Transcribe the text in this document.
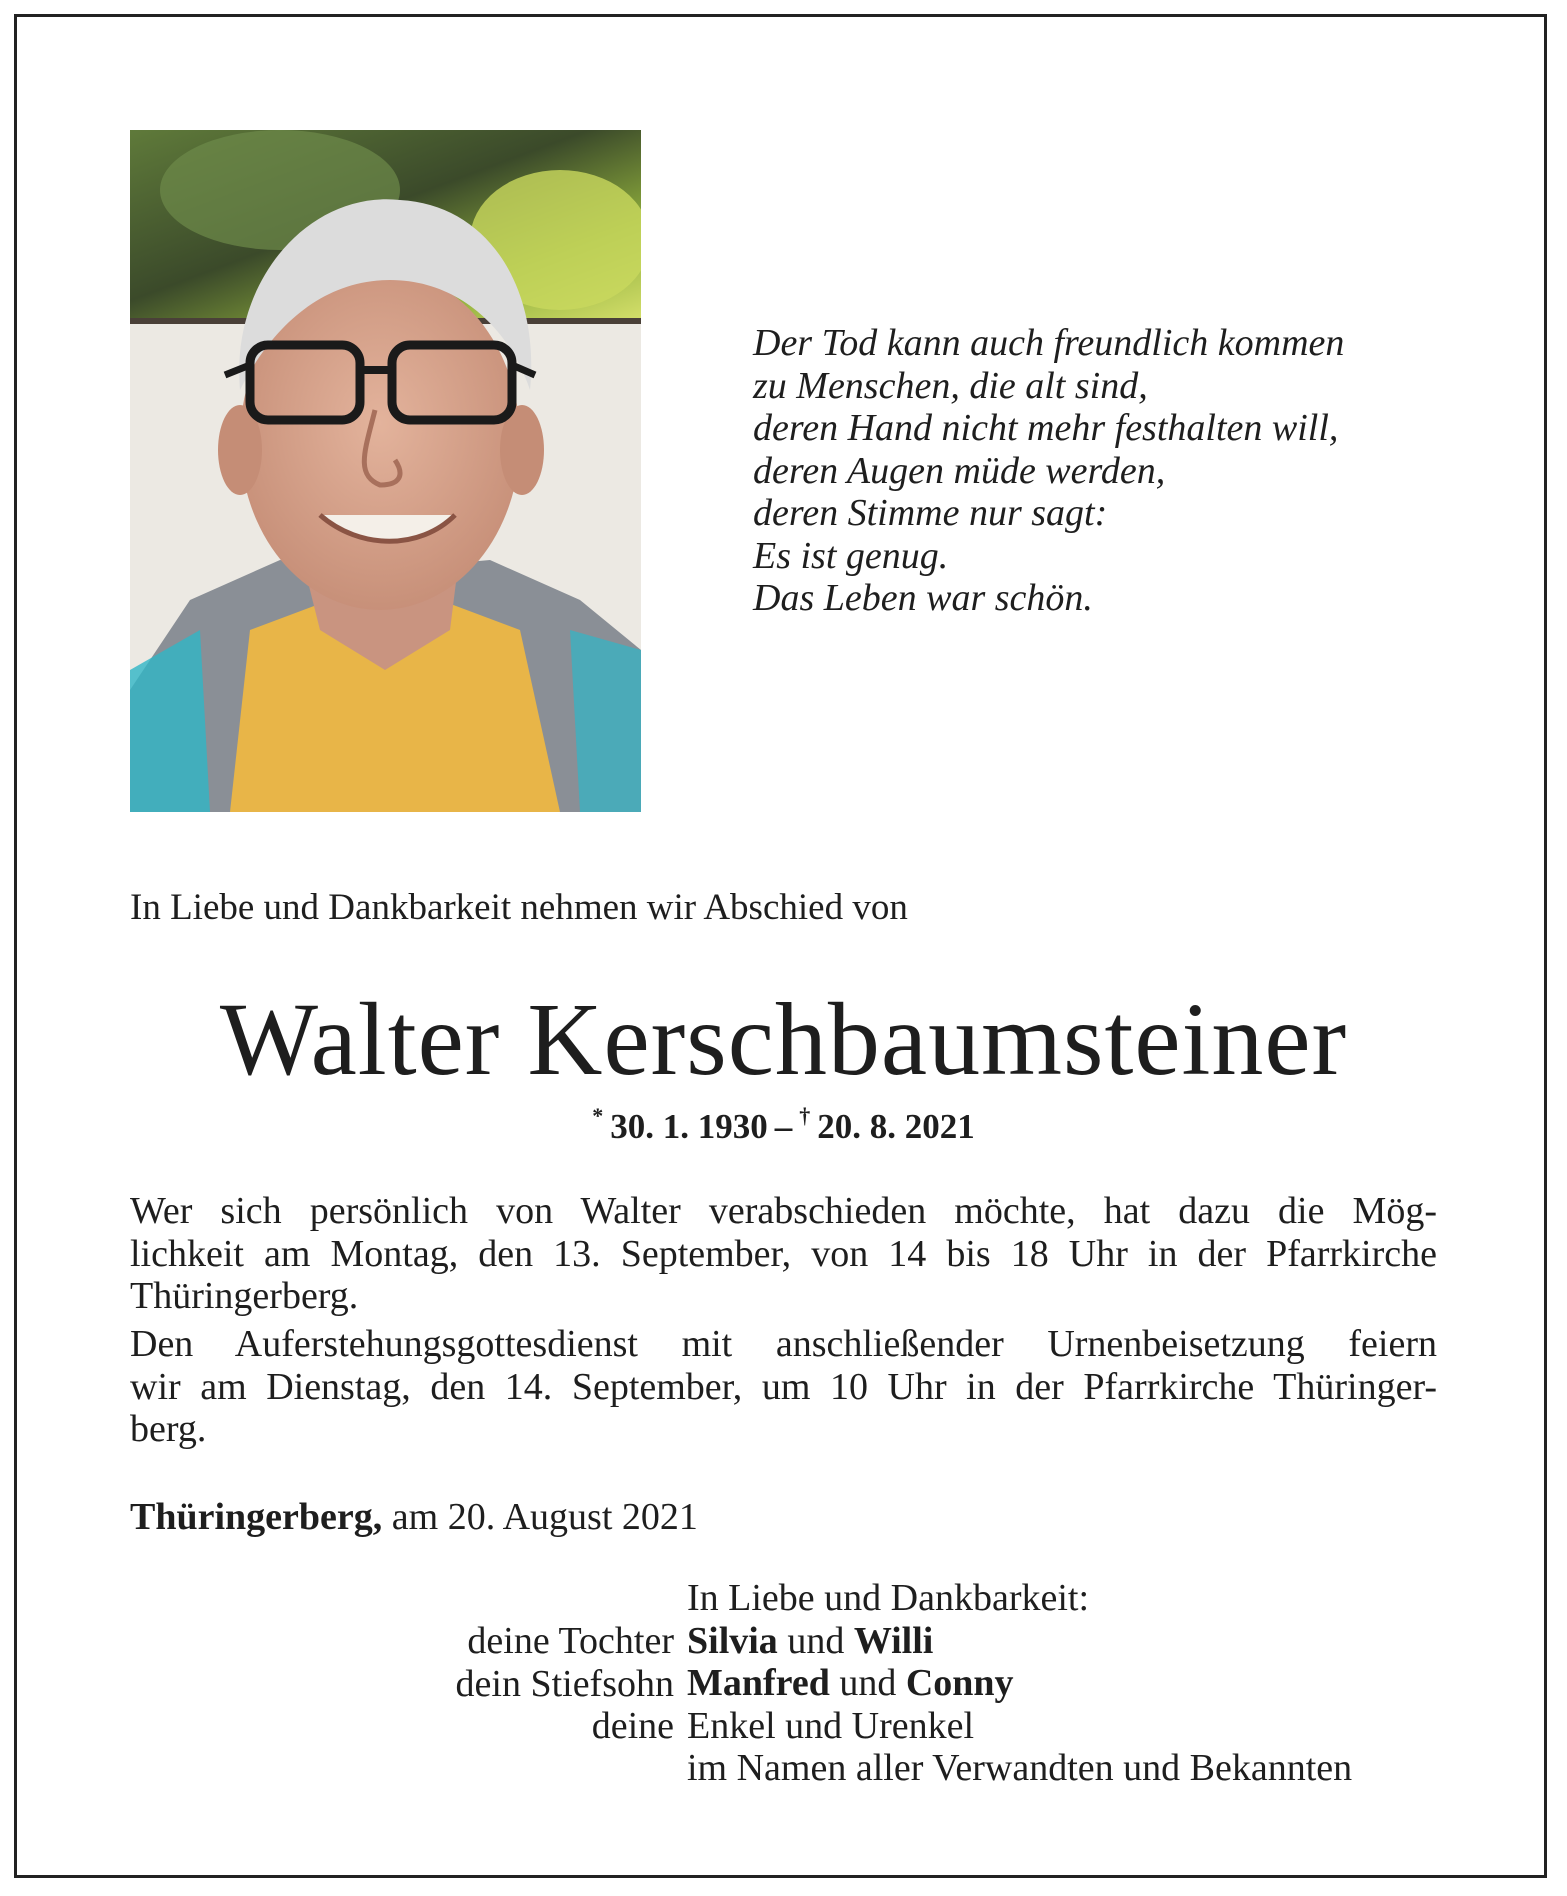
Der Tod kann auch freundlich kommen
zu Menschen, die alt sind,
deren Hand nicht mehr festhalten will,
deren Augen müde werden,
deren Stimme nur sagt:
Es ist genug.
Das Leben war schön.
In Liebe und Dankbarkeit nehmen wir Abschied von
Walter Kerschbaumsteiner
*  30. 1. 1930  –  †  20. 8. 2021
Wer sich persönlich von Walter verabschieden möchte, hat dazu die Mög-
lichkeit am Montag, den 13. September, von 14 bis 18 Uhr in der Pfarrkirche
Thüringerberg.
Den Auferstehungsgottesdienst mit anschließender Urnenbeisetzung feiern
wir am Dienstag, den 14. September, um 10 Uhr in der Pfarrkirche Thüringer-
berg.
Thüringerberg, am 20. August 2021
deine Tochter
dein Stiefsohn
deine
In Liebe und Dankbarkeit:
Silvia und Willi
Manfred und Conny
Enkel und Urenkel
im Namen aller Verwandten und Bekannten
